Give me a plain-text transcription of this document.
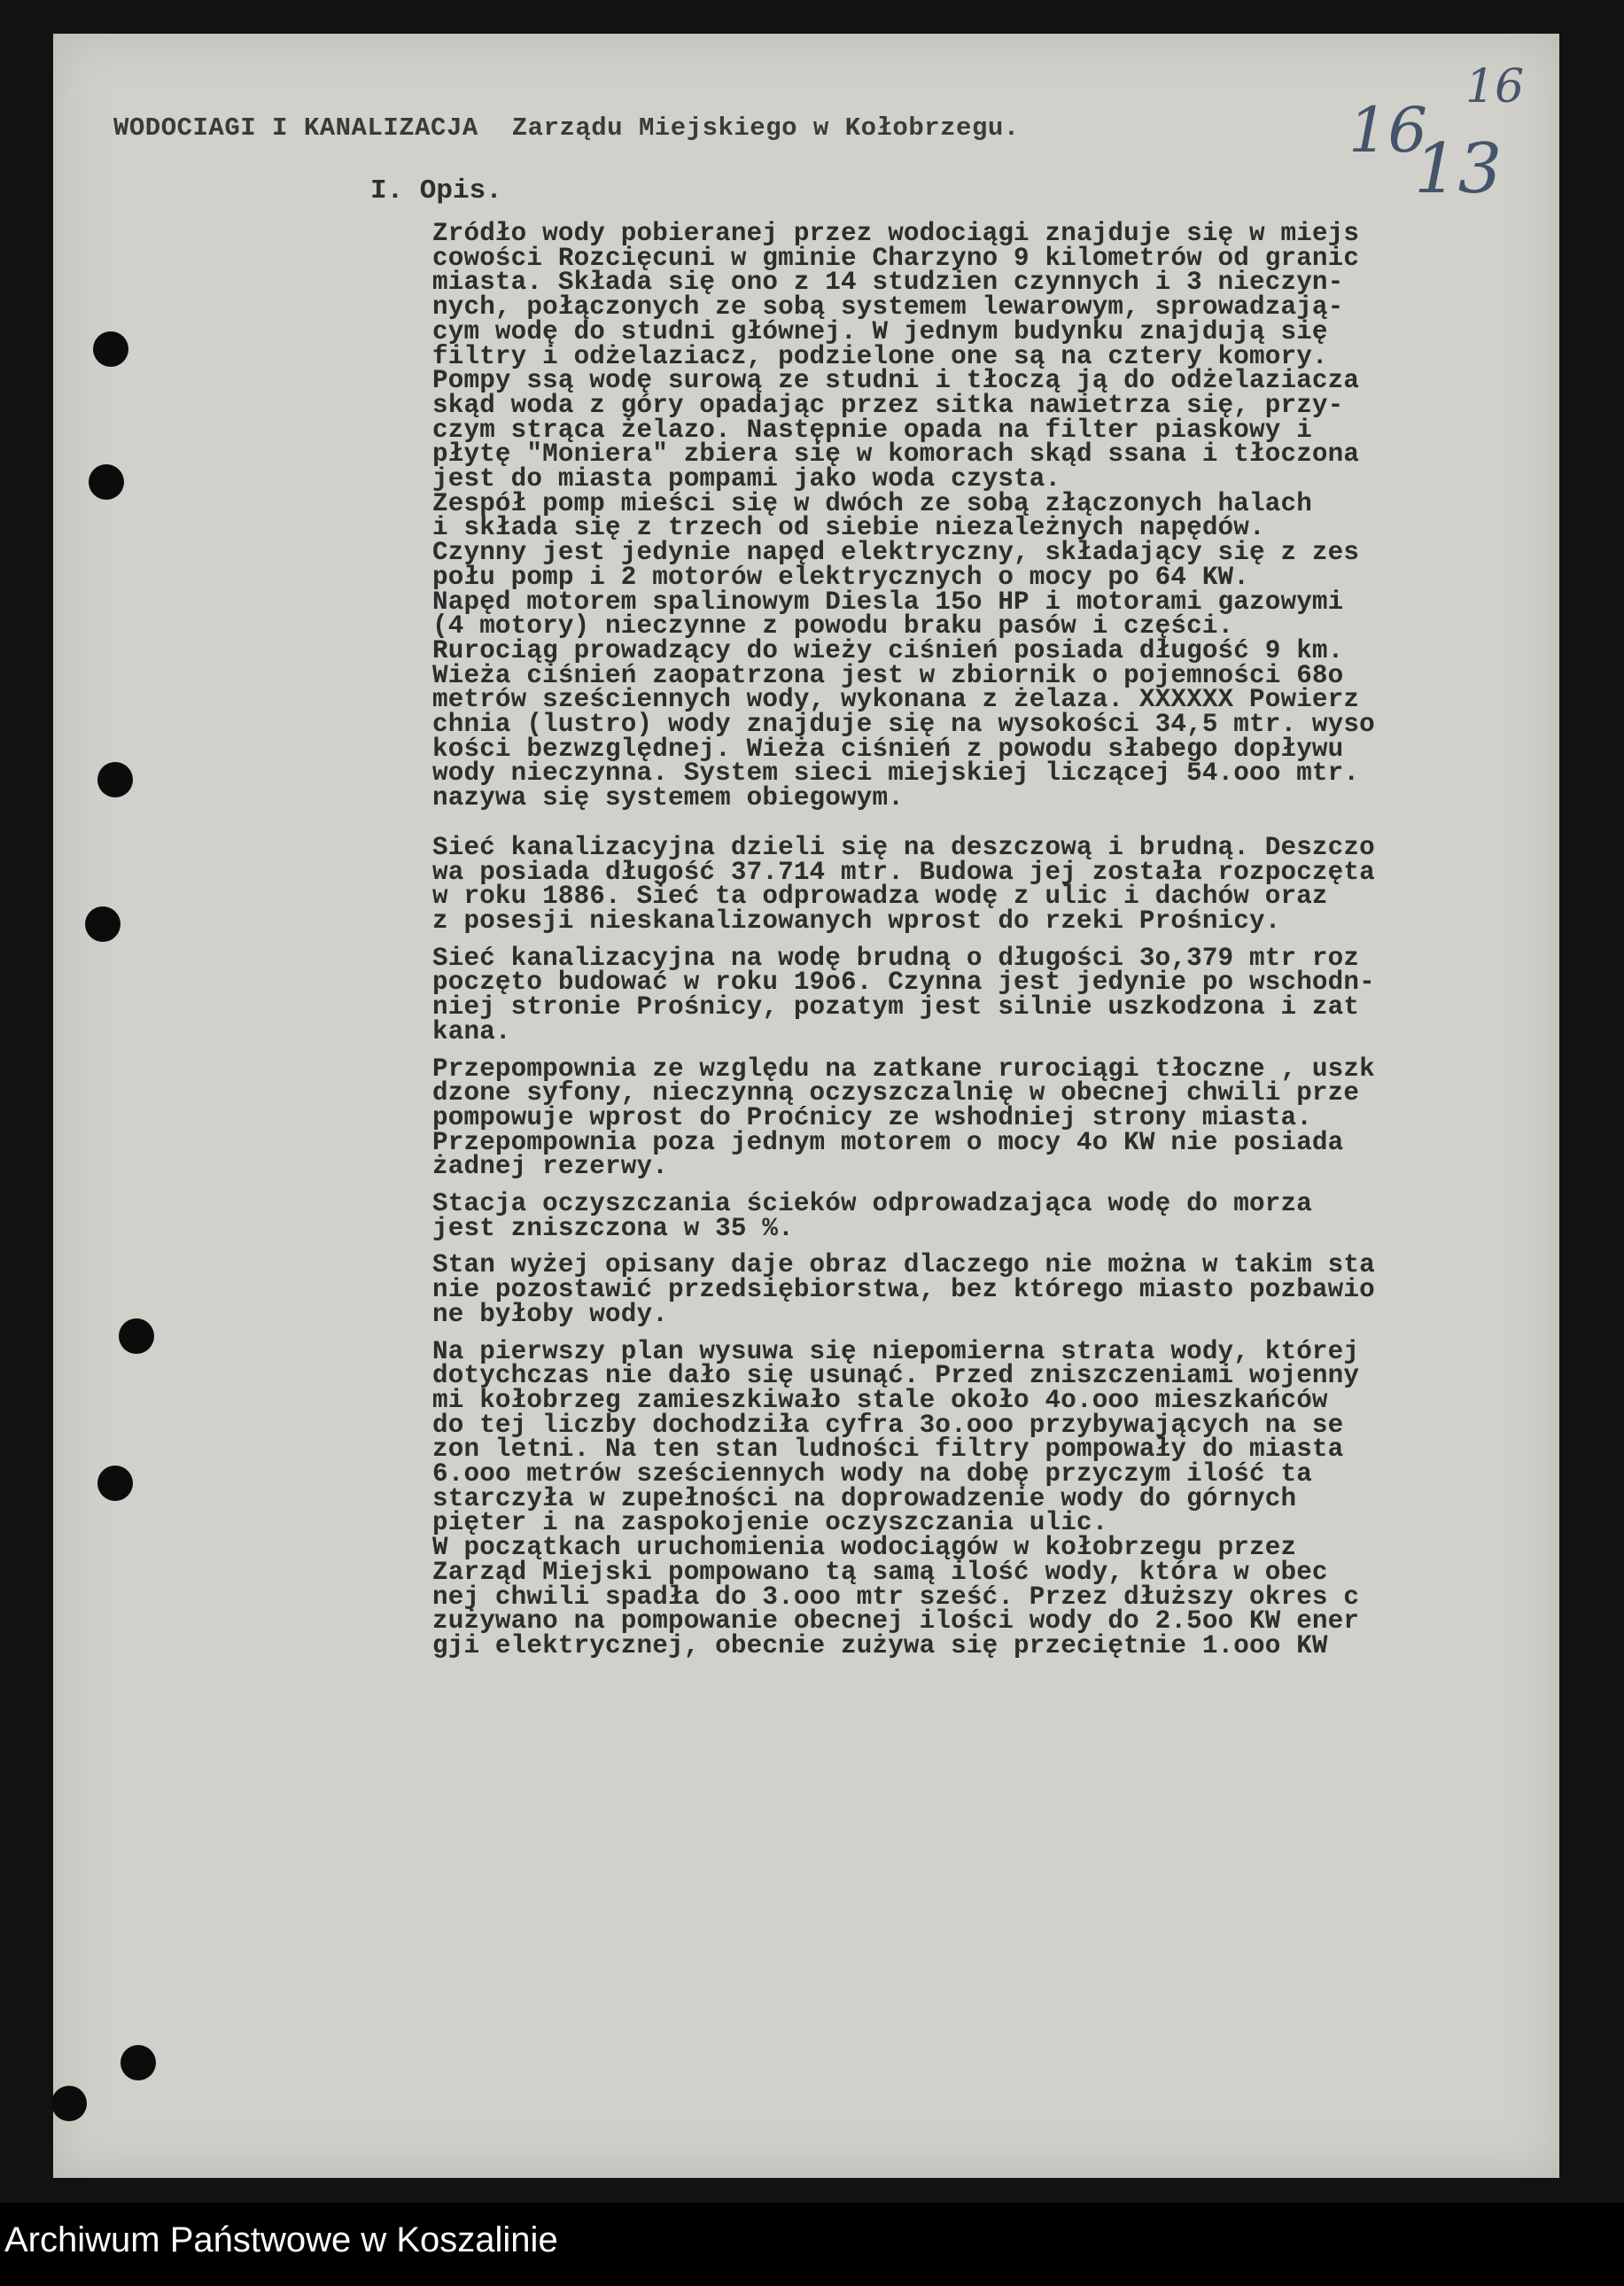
WODOCIAGI I KANALIZACJA Zarządu Miejskiego w Kołobrzegu.	16
16
13
I. Opis.
Zródło wody pobieranej przez wodociągi znajduje się w miejs
cowości Rozcięcuni w gminie Charzyno 9 kilometrów od granic
miasta. Składa się ono z 14 studzien czynnych i 3 nieczyn-
nych, połączonych ze sobą systemem lewarowym, sprowadzają-
cym wodę do studni głównej. W jednym budynku znajdują się
filtry i odżelaziacz, podzielone one są na cztery komory.
Pompy ssą wodę surową ze studni i tłoczą ją do odżelaziacza
skąd woda z góry opadając przez sitka nawietrza się, przy-
czym strąca żelazo. Następnie opada na filter piaskowy i
płytę "Moniera" zbiera się w komorach skąd ssana i tłoczona
jest do miasta pompami jako woda czysta.
Zespół pomp mieści się w dwóch ze sobą złączonych halach
i składa się z trzech od siebie niezależnych napędów.
Czynny jest jedynie napęd elektryczny, składający się z zes
połu pomp i 2 motorów elektrycznych o mocy po 64 KW.
Napęd motorem spalinowym Diesla 15o HP i motorami gazowymi
(4 motory) nieczynne z powodu braku pasów i części.
Rurociąg prowadzący do wieży ciśnień posiada długość 9 km.
Wieża ciśnień zaopatrzona jest w zbiornik o pojemności 68o
metrów sześciennych wody, wykonana z żelaza. XXXXXX Powierz
chnia (lustro) wody znajduje się na wysokości 34,5 mtr. wyso
kości bezwzględnej. Wieża ciśnień z powodu słabego dopływu
wody nieczynna. System sieci miejskiej liczącej 54.ooo mtr.
nazywa się systemem obiegowym.
Sieć kanalizacyjna dzieli się na deszczową i brudną. Deszczo
wa posiada długość 37.714 mtr. Budowa jej została rozpoczęta
w roku 1886. Sieć ta odprowadza wodę z ulic i dachów oraz
z posesji nieskanalizowanych wprost do rzeki Prośnicy.
Sieć kanalizacyjna na wodę brudną o długości 3o,379 mtr roz
poczęto budować w roku 19o6. Czynna jest jedynie po wschodn-
niej stronie Prośnicy, pozatym jest silnie uszkodzona i zat
kana.
Przepompownia ze względu na zatkane rurociągi tłoczne , uszk
dzone syfony, nieczynną oczyszczalnię w obecnej chwili prze
pompowuje wprost do Proćnicy ze wshodniej strony miasta.
Przepompownia poza jednym motorem o mocy 4o KW nie posiada
żadnej rezerwy.
Stacja oczyszczania ścieków odprowadzająca wodę do morza
jest zniszczona w 35 %.
Stan wyżej opisany daje obraz dlaczego nie można w takim sta
nie pozostawić przedsiębiorstwa, bez którego miasto pozbawio
ne byłoby wody.
Na pierwszy plan wysuwa się niepomierna strata wody, której
dotychczas nie dało się usunąć. Przed zniszczeniami wojenny
mi kołobrzeg zamieszkiwało stale około 4o.ooo mieszkańców
do tej liczby dochodziła cyfra 3o.ooo przybywających na se
zon letni. Na ten stan ludności filtry pompowały do miasta
6.ooo metrów sześciennych wody na dobę przyczym ilość ta
starczyła w zupełności na doprowadzenie wody do górnych
pięter i na zaspokojenie oczyszczania ulic.
W początkach uruchomienia wodociągów w kołobrzegu przez
Zarząd Miejski pompowano tą samą ilość wody, która w obec
nej chwili spadła do 3.ooo mtr sześć. Przez dłuższy okres c
zużywano na pompowanie obecnej ilości wody do 2.5oo KW ener
gji elektrycznej, obecnie zużywa się przeciętnie 1.ooo KW
Archiwum Państwowe w Koszalinie
